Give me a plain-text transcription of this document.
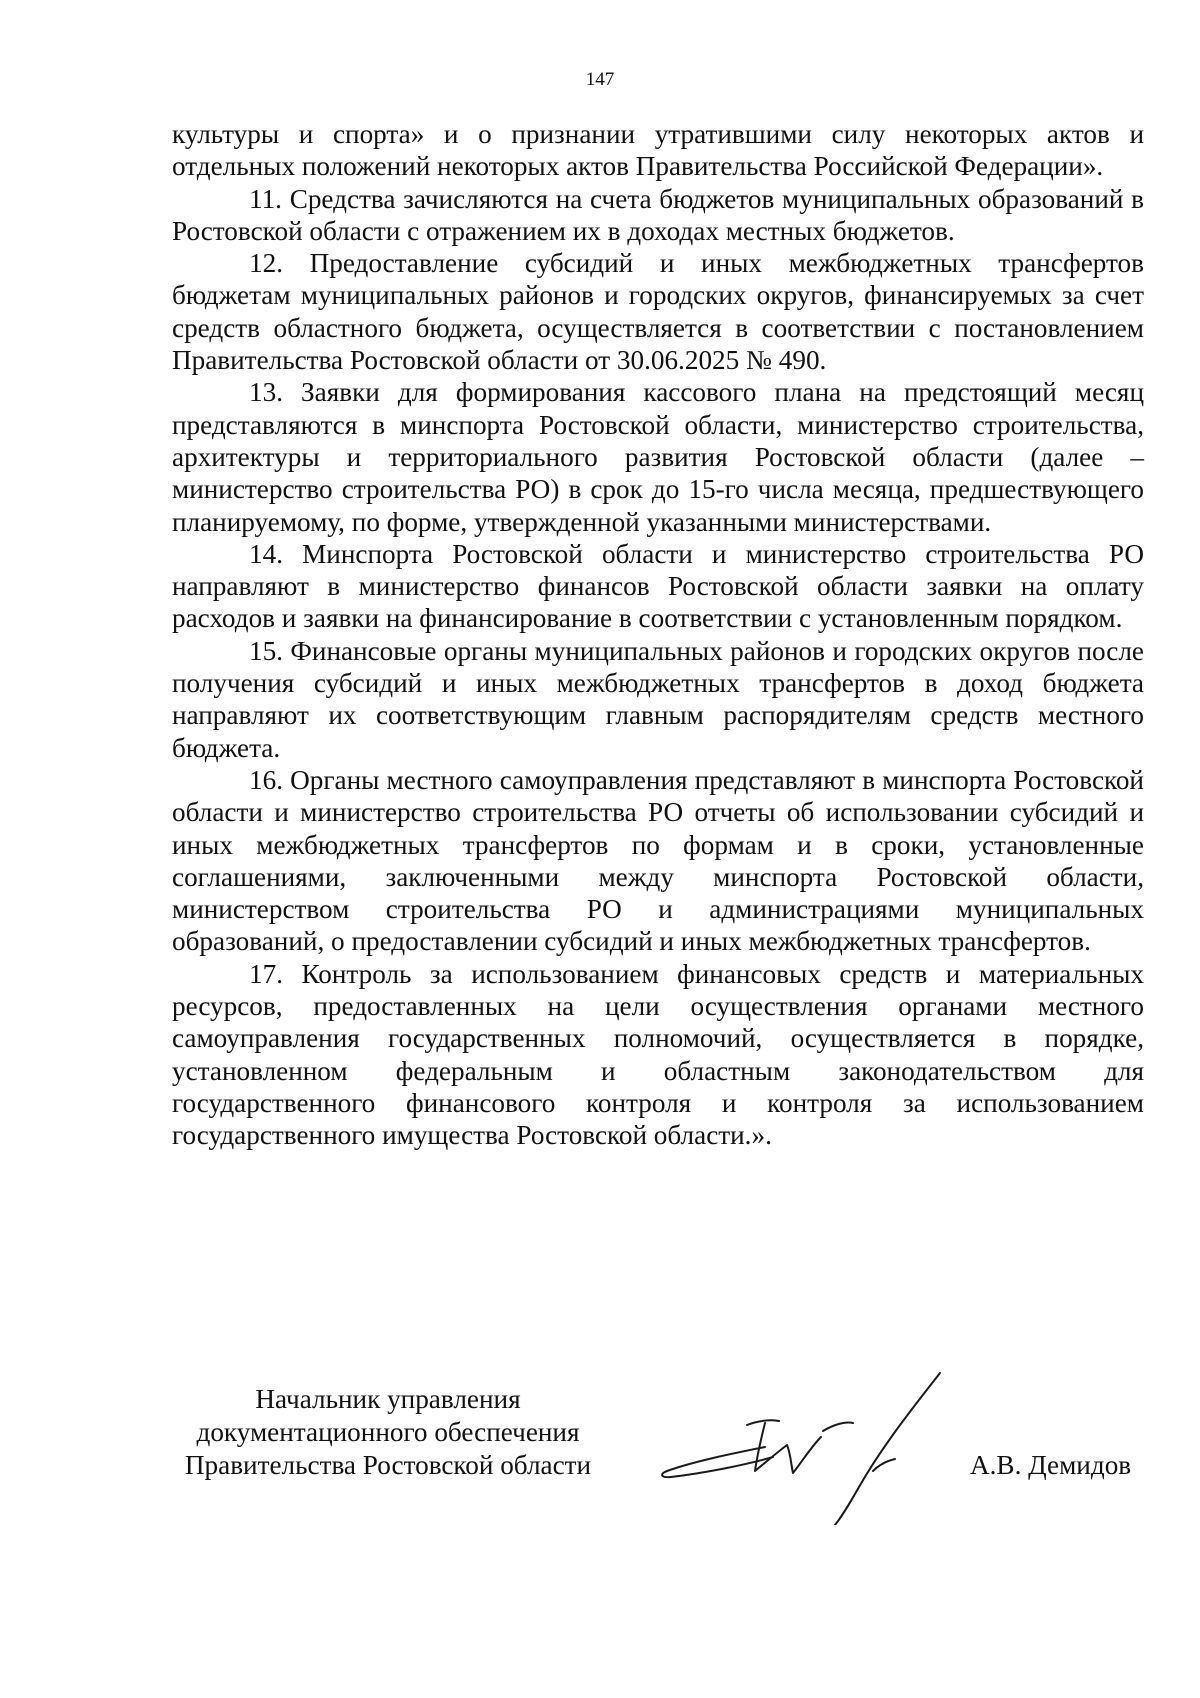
147

культуры и спорта» и о признании утратившими силу некоторых актов и отдельных положений некоторых актов Правительства Российской Федерации».

11. Средства зачисляются на счета бюджетов муниципальных образований в Ростовской области с отражением их в доходах местных бюджетов.

12. Предоставление субсидий и иных межбюджетных трансфертов бюджетам муниципальных районов и городских округов, финансируемых за счет средств областного бюджета, осуществляется в соответствии с постановлением Правительства Ростовской области от 30.06.2025 № 490.

13. Заявки для формирования кассового плана на предстоящий месяц представляются в минспорта Ростовской области, министерство строительства, архитектуры и территориального развития Ростовской области (далее – министерство строительства РО) в срок до 15-го числа месяца, предшествующего планируемому, по форме, утвержденной указанными министерствами.

14. Минспорта Ростовской области и министерство строительства РО направляют в министерство финансов Ростовской области заявки на оплату расходов и заявки на финансирование в соответствии с установленным порядком.

15. Финансовые органы муниципальных районов и городских округов после получения субсидий и иных межбюджетных трансфертов в доход бюджета направляют их соответствующим главным распорядителям средств местного бюджета.

16. Органы местного самоуправления представляют в минспорта Ростовской области и министерство строительства РО отчеты об использовании субсидий и иных межбюджетных трансфертов по формам и в сроки, установленные соглашениями, заключенными между минспорта Ростовской области, министерством строительства РО и администрациями муниципальных образований, о предоставлении субсидий и иных межбюджетных трансфертов.

17. Контроль за использованием финансовых средств и материальных ресурсов, предоставленных на цели осуществления органами местного самоуправления государственных полномочий, осуществляется в порядке, установленном федеральным и областным законодательством для государственного финансового контроля и контроля за использованием государственного имущества Ростовской области.».

Начальник управления
документационного обеспечения
Правительства Ростовской области	А.В. Демидов
